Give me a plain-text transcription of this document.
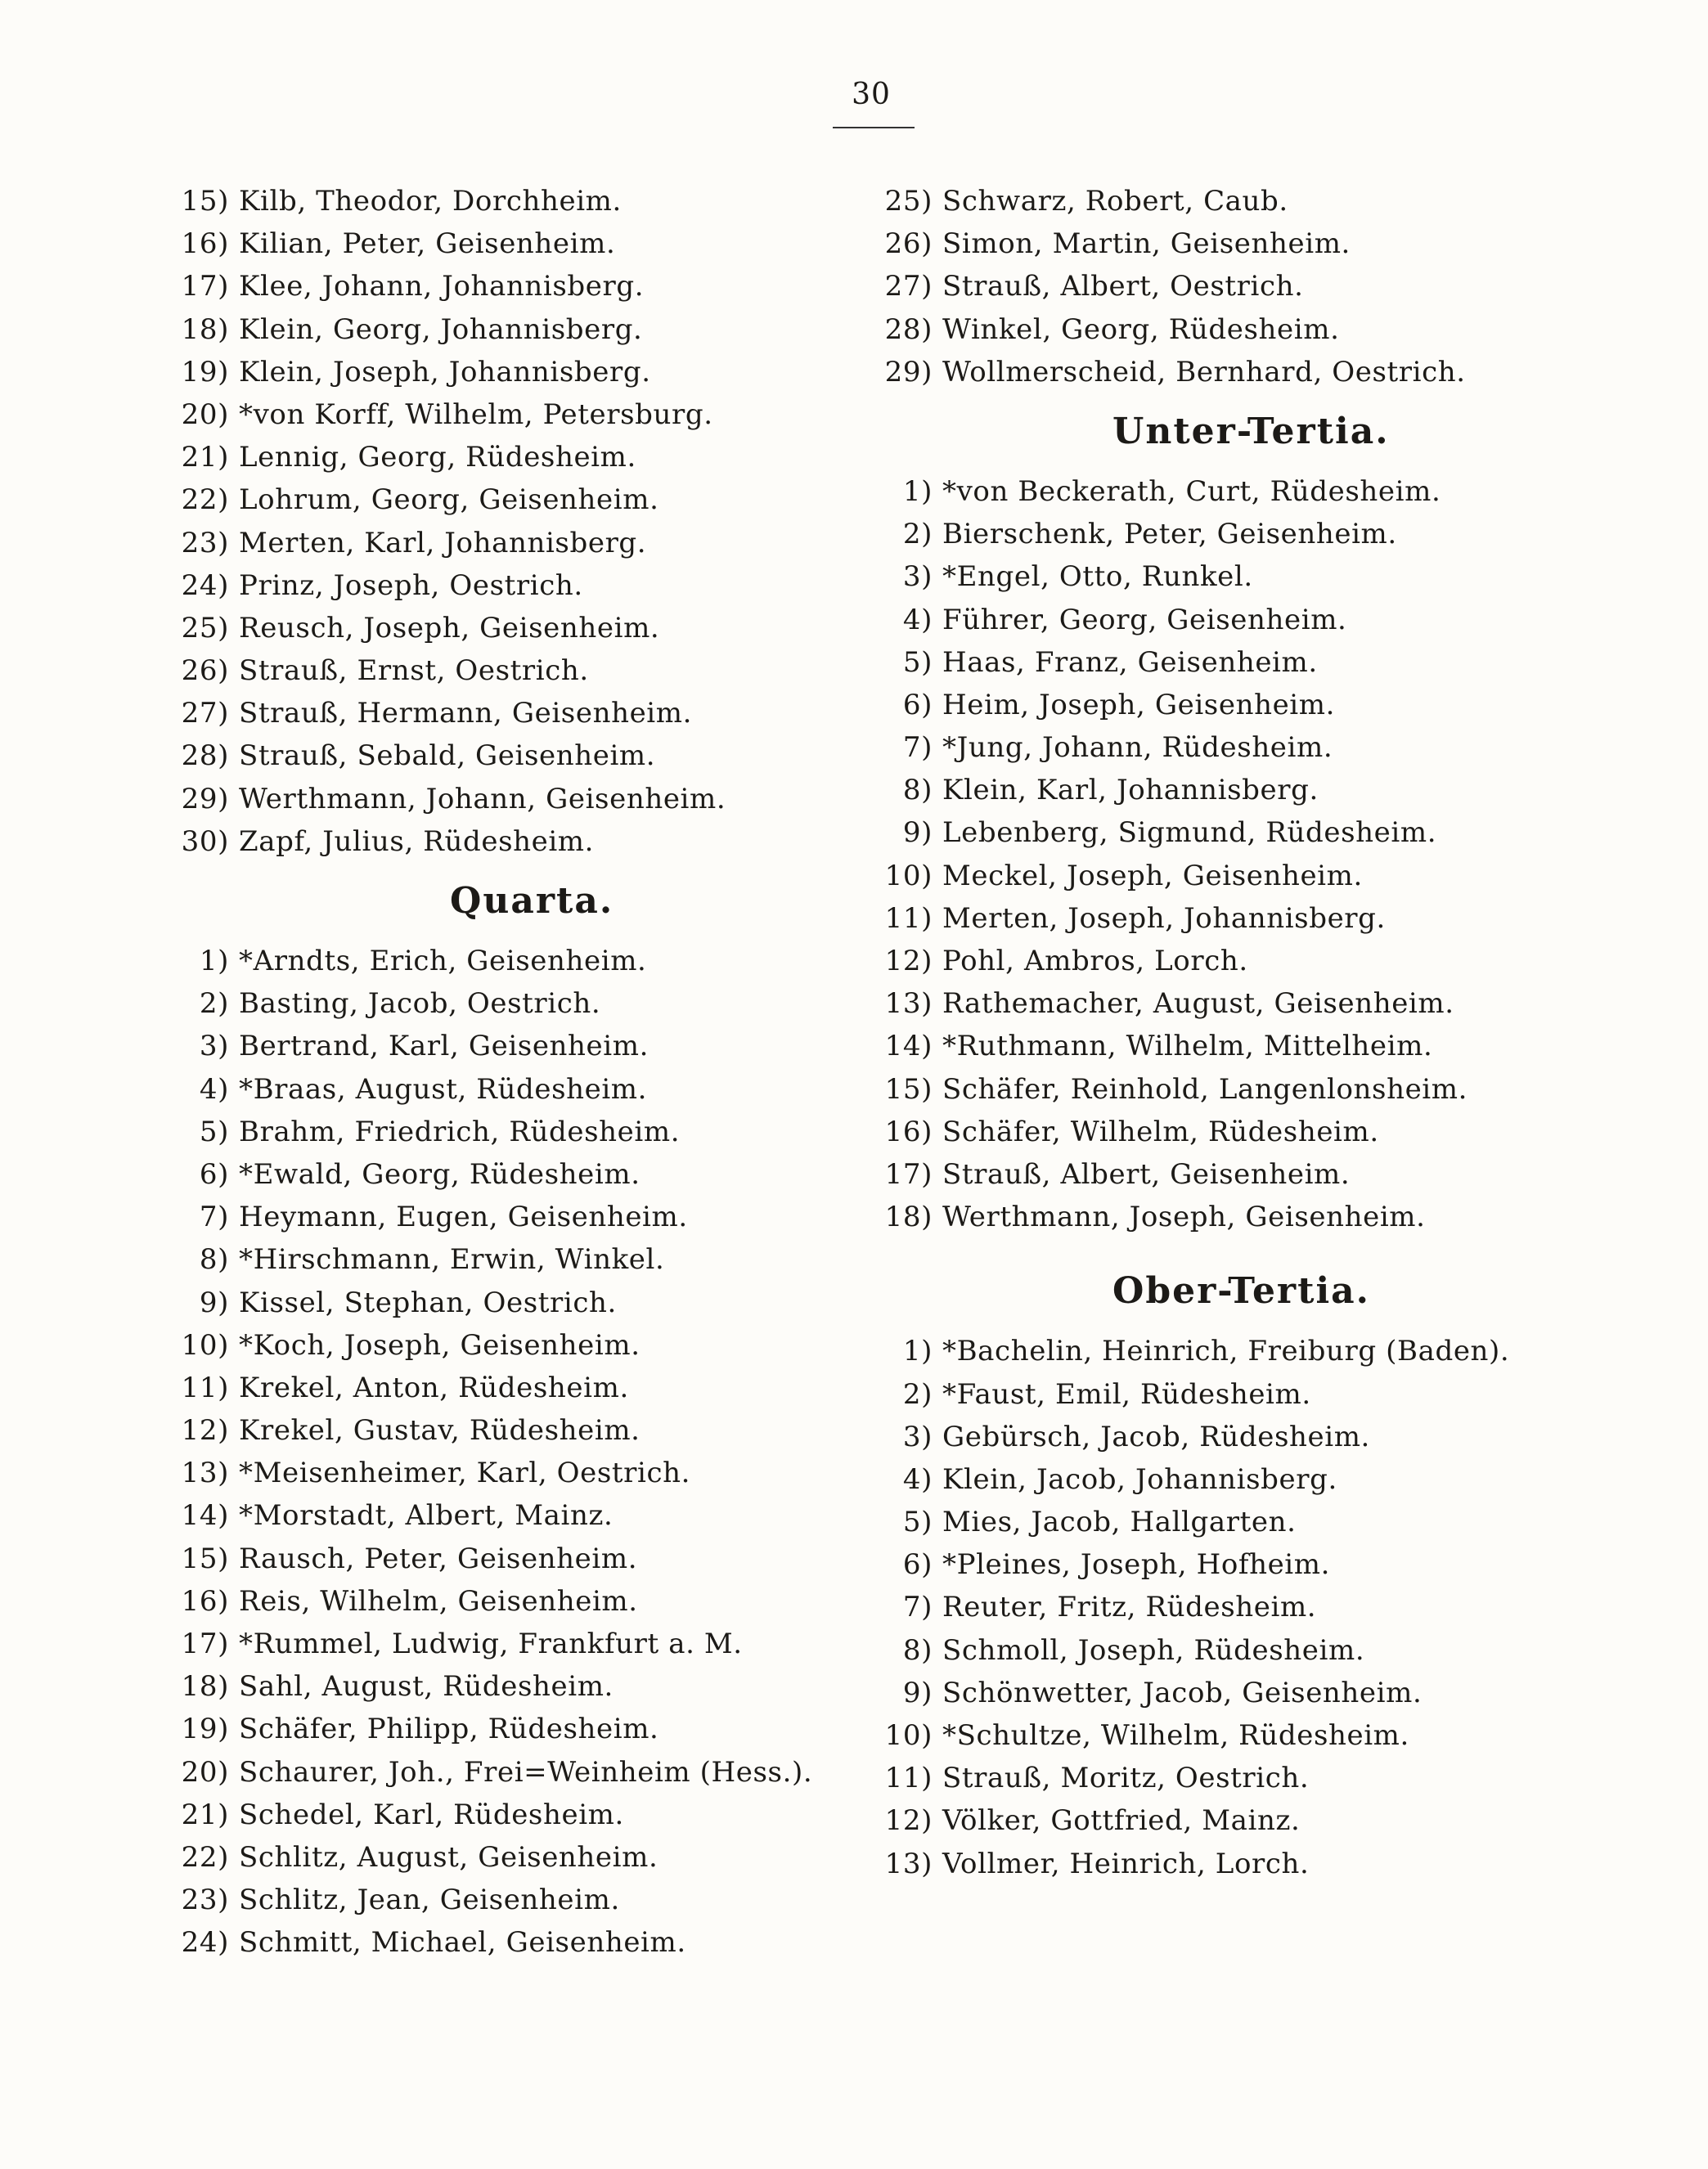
30
15) Kilb, Theodor, Dorchheim.
16) Kilian, Peter, Geisenheim.
17) Klee, Johann, Johannisberg.
18) Klein, Georg, Johannisberg.
19) Klein, Joseph, Johannisberg.
20) *von Korff, Wilhelm, Petersburg.
21) Lennig, Georg, Rüdesheim.
22) Lohrum, Georg, Geisenheim.
23) Merten, Karl, Johannisberg.
24) Prinz, Joseph, Oestrich.
25) Reusch, Joseph, Geisenheim.
26) Strauß, Ernst, Oestrich.
27) Strauß, Hermann, Geisenheim.
28) Strauß, Sebald, Geisenheim.
29) Werthmann, Johann, Geisenheim.
30) Zapf, Julius, Rüdesheim.
Quarta.
1) *Arndts, Erich, Geisenheim.
2) Basting, Jacob, Oestrich.
3) Bertrand, Karl, Geisenheim.
4) *Braas, August, Rüdesheim.
5) Brahm, Friedrich, Rüdesheim.
6) *Ewald, Georg, Rüdesheim.
7) Heymann, Eugen, Geisenheim.
8) *Hirschmann, Erwin, Winkel.
9) Kissel, Stephan, Oestrich.
10) *Koch, Joseph, Geisenheim.
11) Krekel, Anton, Rüdesheim.
12) Krekel, Gustav, Rüdesheim.
13) *Meisenheimer, Karl, Oestrich.
14) *Morstadt, Albert, Mainz.
15) Rausch, Peter, Geisenheim.
16) Reis, Wilhelm, Geisenheim.
17) *Rummel, Ludwig, Frankfurt a. M.
18) Sahl, August, Rüdesheim.
19) Schäfer, Philipp, Rüdesheim.
20) Schaurer, Joh., Frei=Weinheim (Hess.).
21) Schedel, Karl, Rüdesheim.
22) Schlitz, August, Geisenheim.
23) Schlitz, Jean, Geisenheim.
24) Schmitt, Michael, Geisenheim.
25) Schwarz, Robert, Caub.
26) Simon, Martin, Geisenheim.
27) Strauß, Albert, Oestrich.
28) Winkel, Georg, Rüdesheim.
29) Wollmerscheid, Bernhard, Oestrich.
Unter-Tertia.
1) *von Beckerath, Curt, Rüdesheim.
2) Bierschenk, Peter, Geisenheim.
3) *Engel, Otto, Runkel.
4) Führer, Georg, Geisenheim.
5) Haas, Franz, Geisenheim.
6) Heim, Joseph, Geisenheim.
7) *Jung, Johann, Rüdesheim.
8) Klein, Karl, Johannisberg.
9) Lebenberg, Sigmund, Rüdesheim.
10) Meckel, Joseph, Geisenheim.
11) Merten, Joseph, Johannisberg.
12) Pohl, Ambros, Lorch.
13) Rathemacher, August, Geisenheim.
14) *Ruthmann, Wilhelm, Mittelheim.
15) Schäfer, Reinhold, Langenlonsheim.
16) Schäfer, Wilhelm, Rüdesheim.
17) Strauß, Albert, Geisenheim.
18) Werthmann, Joseph, Geisenheim.
Ober-Tertia.
1) *Bachelin, Heinrich, Freiburg (Baden).
2) *Faust, Emil, Rüdesheim.
3) Gebürsch, Jacob, Rüdesheim.
4) Klein, Jacob, Johannisberg.
5) Mies, Jacob, Hallgarten.
6) *Pleines, Joseph, Hofheim.
7) Reuter, Fritz, Rüdesheim.
8) Schmoll, Joseph, Rüdesheim.
9) Schönwetter, Jacob, Geisenheim.
10) *Schultze, Wilhelm, Rüdesheim.
11) Strauß, Moritz, Oestrich.
12) Völker, Gottfried, Mainz.
13) Vollmer, Heinrich, Lorch.
